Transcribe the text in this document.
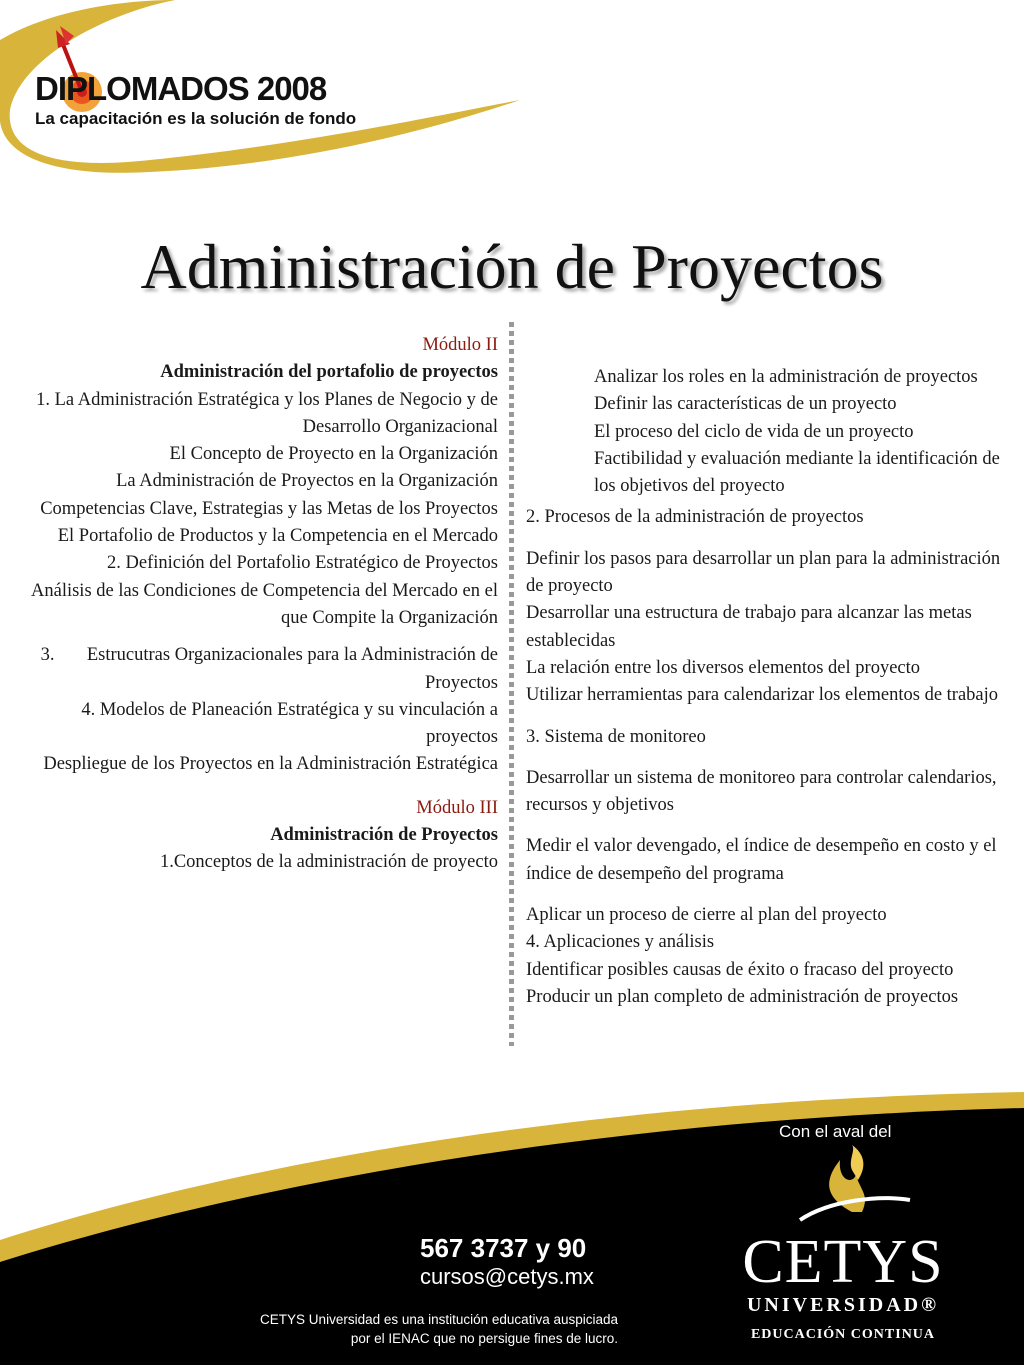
DIPLOMADOS 2008
La capacitación es la solución de fondo
Administración de Proyectos
Módulo II
Administración del portafolio de proyectos
1. La Administración Estratégica y los Planes de Negocio y de Desarrollo Organizacional
El Concepto de Proyecto en la Organización
La Administración de Proyectos en la Organización
Competencias Clave, Estrategias y las Metas de los Proyectos
El Portafolio de Productos y la Competencia en el Mercado
2. Definición del Portafolio Estratégico de Proyectos
Análisis de las Condiciones de Competencia del Mercado en el que Compite la Organización
3. Estrucutras Organizacionales para la Administración de Proyectos
4. Modelos de Planeación Estratégica y su vinculación a proyectos
Despliegue de los Proyectos en la Administración Estratégica
Módulo III
Administración de Proyectos
1.Conceptos de la administración de proyecto
Analizar los roles en la administración de proyectos
Definir las características de un proyecto
El proceso del ciclo de vida de un proyecto
Factibilidad y evaluación mediante la identificación de los objetivos del proyecto
2. Procesos de la administración de proyectos
Definir los pasos para desarrollar un plan para la administración de proyecto
Desarrollar una estructura de trabajo para alcanzar las metas establecidas
La relación entre los diversos elementos del proyecto
Utilizar herramientas para calendarizar los elementos de trabajo
3. Sistema de monitoreo
Desarrollar un sistema de monitoreo para controlar calendarios, recursos y objetivos
Medir el valor devengado, el índice de desempeño en costo y el índice de desempeño del programa
Aplicar un proceso de cierre al plan del proyecto
4. Aplicaciones y análisis
Identificar posibles causas de éxito o fracaso del proyecto
Producir un plan completo de administración de proyectos
Con el aval del
567 3737 y 90
cursos@cetys.mx
CETYS Universidad es una institución educativa auspiciada por el IENAC que no persigue fines de lucro.
CETYS
UNIVERSIDAD®
EDUCACIÓN CONTINUA
